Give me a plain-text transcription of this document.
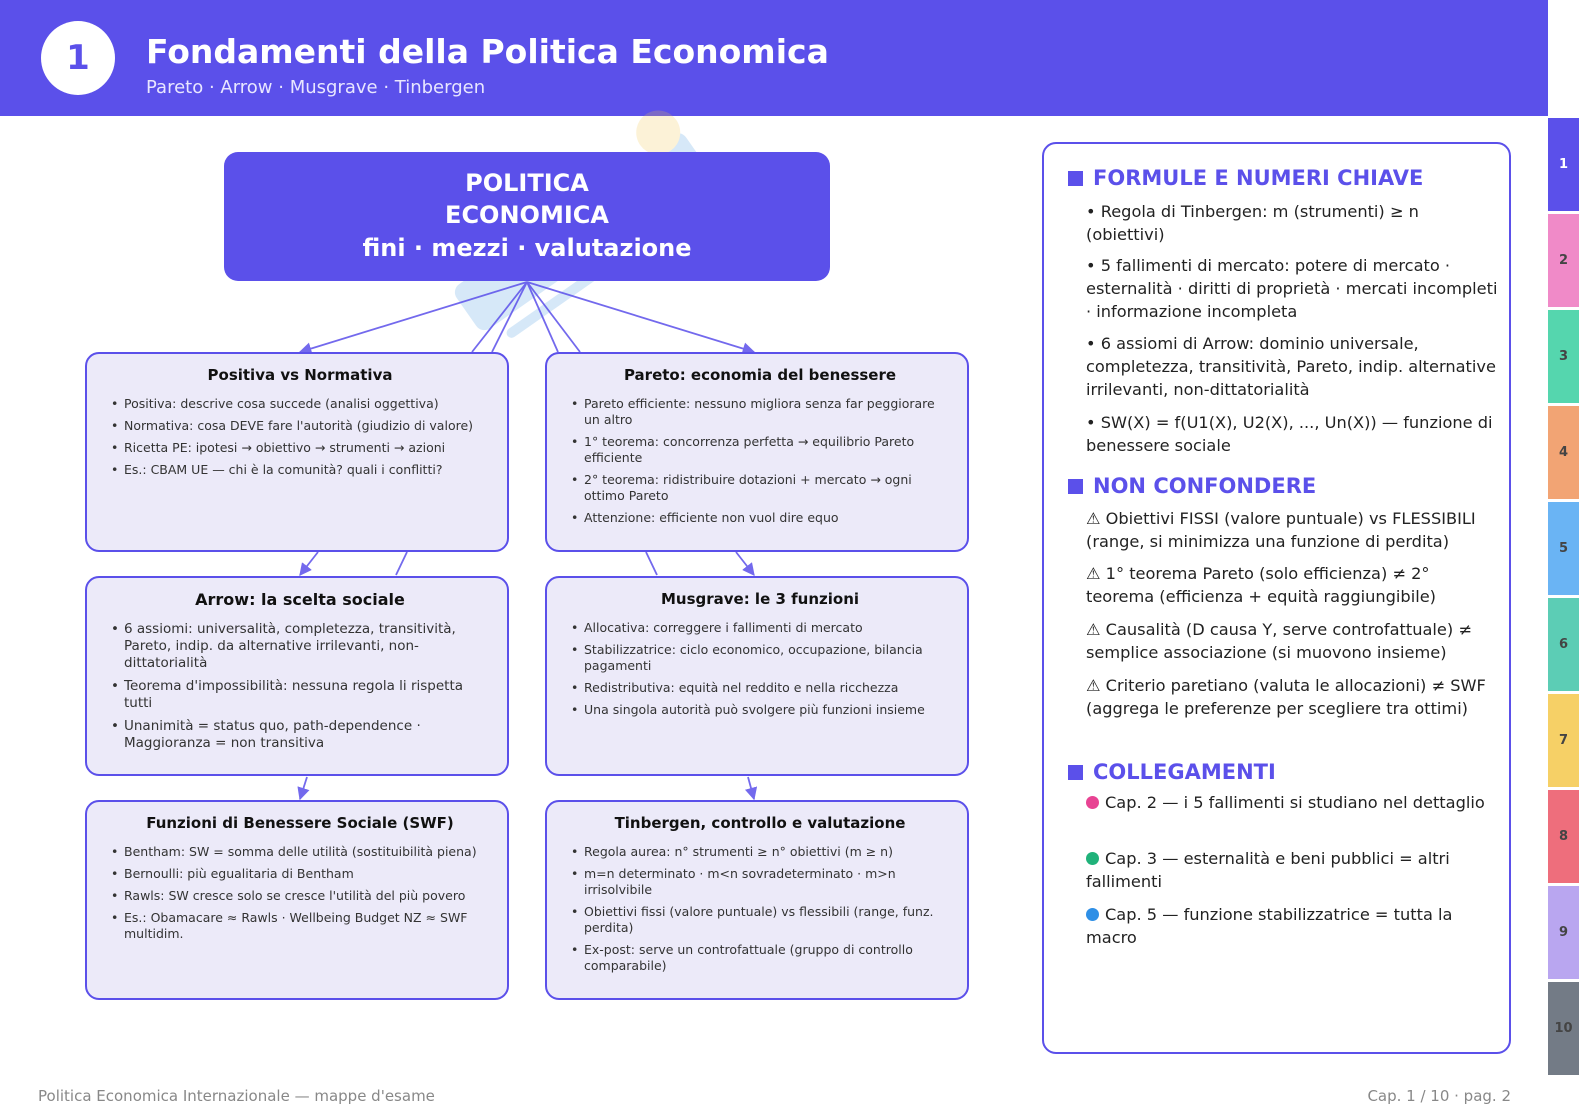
1	Fondamenti della Politica Economica
Pareto · Arrow · Musgrave · Tinbergen
POLITICA
ECONOMICA
fini · mezzi · valutazione
Positiva vs Normativa
• Positiva: descrive cosa succede (analisi oggettiva)
• Normativa: cosa DEVE fare l'autorità (giudizio di valore)
• Ricetta PE: ipotesi → obiettivo → strumenti → azioni
• Es.: CBAM UE — chi è la comunità? quali i conflitti?
Pareto: economia del benessere
• Pareto efficiente: nessuno migliora senza far peggiorare un altro
• 1° teorema: concorrenza perfetta → equilibrio Pareto efficiente
• 2° teorema: ridistribuire dotazioni + mercato → ogni ottimo Pareto
• Attenzione: efficiente non vuol dire equo
Arrow: la scelta sociale
• 6 assiomi: universalità, completezza, transitività, Pareto, indip. da alternative irrilevanti, non-dittatorialità
• Teorema d'impossibilità: nessuna regola li rispetta tutti
• Unanimità = status quo, path-dependence · Maggioranza = non transitiva
Musgrave: le 3 funzioni
• Allocativa: correggere i fallimenti di mercato
• Stabilizzatrice: ciclo economico, occupazione, bilancia pagamenti
• Redistributiva: equità nel reddito e nella ricchezza
• Una singola autorità può svolgere più funzioni insieme
Funzioni di Benessere Sociale (SWF)
• Bentham: SW = somma delle utilità (sostituibilità piena)
• Bernoulli: più egualitaria di Bentham
• Rawls: SW cresce solo se cresce l'utilità del più povero
• Es.: Obamacare ≈ Rawls · Wellbeing Budget NZ ≈ SWF multidim.
Tinbergen, controllo e valutazione
• Regola aurea: n° strumenti ≥ n° obiettivi (m ≥ n)
• m=n determinato · m<n sovradeterminato · m>n irrisolvibile
• Obiettivi fissi (valore puntuale) vs flessibili (range, funz. perdita)
• Ex-post: serve un controfattuale (gruppo di controllo comparabile)
FORMULE E NUMERI CHIAVE
• Regola di Tinbergen: m (strumenti) ≥ n (obiettivi)
• 5 fallimenti di mercato: potere di mercato · esternalità · diritti di proprietà · mercati incompleti · informazione incompleta
• 6 assiomi di Arrow: dominio universale, completezza, transitività, Pareto, indip. alternative irrilevanti, non-dittatorialità
• SW(X) = f(U1(X), U2(X), ..., Un(X)) — funzione di benessere sociale
NON CONFONDERE
⚠ Obiettivi FISSI (valore puntuale) vs FLESSIBILI (range, si minimizza una funzione di perdita)
⚠ 1° teorema Pareto (solo efficienza) ≠ 2° teorema (efficienza + equità raggiungibile)
⚠ Causalità (D causa Y, serve controfattuale) ≠ semplice associazione (si muovono insieme)
⚠ Criterio paretiano (valuta le allocazioni) ≠ SWF (aggrega le preferenze per scegliere tra ottimi)
COLLEGAMENTI
Cap. 2 — i 5 fallimenti si studiano nel dettaglio
Cap. 3 — esternalità e beni pubblici = altri fallimenti
Cap. 5 — funzione stabilizzatrice = tutta la macro
1
2
3
4
5
6
7
8
9
10
Politica Economica Internazionale — mappe d'esame	Cap. 1 / 10 · pag. 2
